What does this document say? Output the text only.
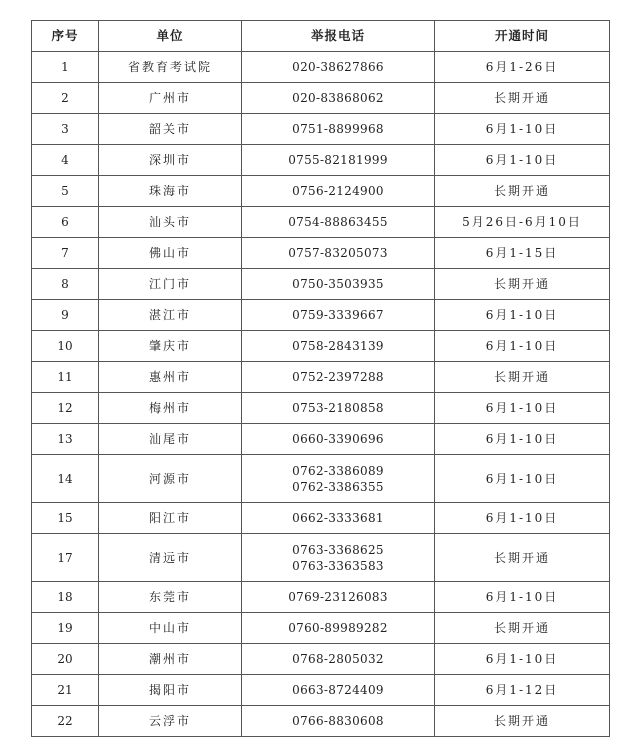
序号	单位	举报电话	开通时间
1	省教育考试院	020-38627866	6月1-26日
2	广州市	020-83868062	长期开通
3	韶关市	0751-8899968	6月1-10日
4	深圳市	0755-82181999	6月1-10日
5	珠海市	0756-2124900	长期开通
6	汕头市	0754-88863455	5月26日-6月10日
7	佛山市	0757-83205073	6月1-15日
8	江门市	0750-3503935	长期开通
9	湛江市	0759-3339667	6月1-10日
10	肇庆市	0758-2843139	6月1-10日
11	惠州市	0752-2397288	长期开通
12	梅州市	0753-2180858	6月1-10日
13	汕尾市	0660-3390696	6月1-10日
14	河源市	0762-3386089
0762-3386355	6月1-10日
15	阳江市	0662-3333681	6月1-10日
17	清远市	0763-3368625
0763-3363583	长期开通
18	东莞市	0769-23126083	6月1-10日
19	中山市	0760-89989282	长期开通
20	潮州市	0768-2805032	6月1-10日
21	揭阳市	0663-8724409	6月1-12日
22	云浮市	0766-8830608	长期开通
